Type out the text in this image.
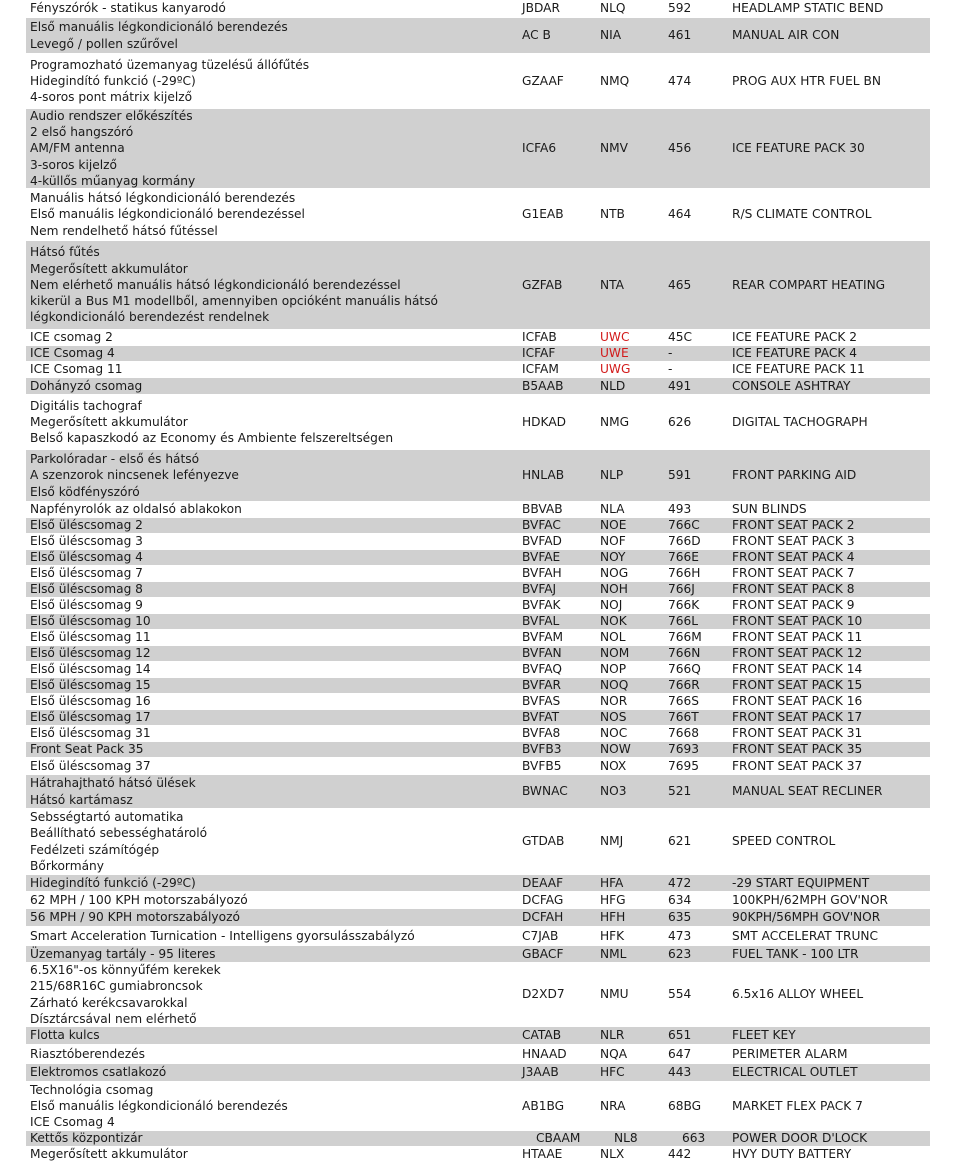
Fényszórók - statikus kanyarodó	JBDAR	NLQ	592	HEADLAMP STATIC BEND
Első manuális légkondicionáló berendezés
Levegő / pollen szűrővel
AC B	NIA	461	MANUAL AIR CON
Programozható üzemanyag tüzelésű állófűtés
Hidegindító funkció (-29ºC)
4-soros pont mátrix kijelző
GZAAF	NMQ	474	PROG AUX HTR FUEL BN
Audio rendszer előkészítés
2 első hangszóró
AM/FM antenna
3-soros kijelző
4-küllős műanyag kormány
ICFA6	NMV	456	ICE FEATURE PACK 30
Manuális hátsó légkondicionáló berendezés
Első manuális légkondicionáló berendezéssel
Nem rendelhető hátsó fűtéssel
G1EAB	NTB	464	R/S CLIMATE CONTROL
Hátsó fűtés
Megerősített akkumulátor
Nem elérhető manuális hátsó légkondicionáló berendezéssel
kikerül a Bus M1 modellből, amennyiben opcióként manuális hátsó
légkondicionáló berendezést rendelnek
GZFAB	NTA	465	REAR COMPART HEATING
ICE csomag 2	ICFAB	UWC	45C	ICE FEATURE PACK 2
ICE Csomag 4	ICFAF	UWE	-	ICE FEATURE PACK 4
ICE Csomag 11	ICFAM	UWG	-	ICE FEATURE PACK 11
Dohányzó csomag	B5AAB	NLD	491	CONSOLE ASHTRAY
Digitális tachograf
Megerősített akkumulátor
Belső kapaszkodó az Economy és Ambiente felszereltségen
HDKAD	NMG	626	DIGITAL TACHOGRAPH
Parkolóradar - első és hátsó
A szenzorok nincsenek lefényezve
Első ködfényszóró
HNLAB	NLP	591	FRONT PARKING AID
Napfényrolók az oldalsó ablakokon	BBVAB	NLA	493	SUN BLINDS
Első üléscsomag 2	BVFAC	NOE	766C	FRONT SEAT PACK 2
Első üléscsomag 3	BVFAD	NOF	766D	FRONT SEAT PACK 3
Első üléscsomag 4	BVFAE	NOY	766E	FRONT SEAT PACK 4
Első üléscsomag 7	BVFAH	NOG	766H	FRONT SEAT PACK 7
Első üléscsomag 8	BVFAJ	NOH	766J	FRONT SEAT PACK 8
Első üléscsomag 9	BVFAK	NOJ	766K	FRONT SEAT PACK 9
Első üléscsomag 10	BVFAL	NOK	766L	FRONT SEAT PACK 10
Első üléscsomag 11	BVFAM	NOL	766M	FRONT SEAT PACK 11
Első üléscsomag 12	BVFAN	NOM	766N	FRONT SEAT PACK 12
Első üléscsomag 14	BVFAQ	NOP	766Q	FRONT SEAT PACK 14
Első üléscsomag 15	BVFAR	NOQ	766R	FRONT SEAT PACK 15
Első üléscsomag 16	BVFAS	NOR	766S	FRONT SEAT PACK 16
Első üléscsomag 17	BVFAT	NOS	766T	FRONT SEAT PACK 17
Első üléscsomag 31	BVFA8	NOC	7668	FRONT SEAT PACK 31
Front Seat Pack 35	BVFB3	NOW	7693	FRONT SEAT PACK 35
Első üléscsomag 37	BVFB5	NOX	7695	FRONT SEAT PACK 37
Hátrahajtható hátsó ülések
Hátsó kartámasz
BWNAC	NO3	521	MANUAL SEAT RECLINER
Sebsségtartó automatika
Beállítható sebességhatároló
Fedélzeti számítógép
Bőrkormány
GTDAB	NMJ	621	SPEED CONTROL
Hidegindító funkció (-29ºC)	DEAAF	HFA	472	-29 START EQUIPMENT
62 MPH / 100 KPH motorszabályozó	DCFAG	HFG	634	100KPH/62MPH GOV'NOR
56 MPH / 90 KPH motorszabályozó	DCFAH	HFH	635	90KPH/56MPH GOV'NOR
Smart Acceleration Turnication - Intelligens gyorsulásszabályzó	C7JAB	HFK	473	SMT ACCELERAT TRUNC
Üzemanyag tartály - 95 literes	GBACF	NML	623	FUEL TANK - 100 LTR
6.5X16"-os könnyűfém kerekek
215/68R16C gumiabroncsok
Zárható kerékcsavarokkal
Dísztárcsával nem elérhető
D2XD7	NMU	554	6.5x16 ALLOY WHEEL
Flotta kulcs	CATAB	NLR	651	FLEET KEY
Riasztóberendezés	HNAAD	NQA	647	PERIMETER ALARM
Elektromos csatlakozó	J3AAB	HFC	443	ELECTRICAL OUTLET
Technológia csomag
Első manuális légkondicionáló berendezés
ICE Csomag 4
AB1BG	NRA	68BG	MARKET FLEX PACK 7
Kettős központizár	CBAAM	NL8	663	POWER DOOR D'LOCK
Megerősített akkumulátor	HTAAE	NLX	442	HVY DUTY BATTERY
